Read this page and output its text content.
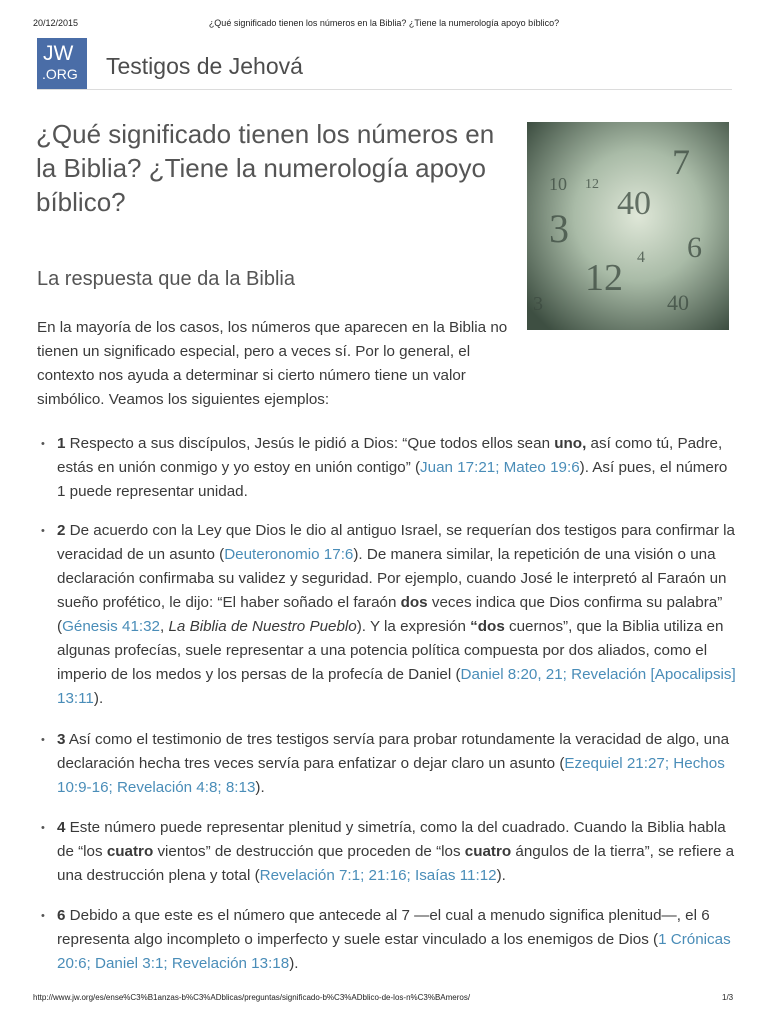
20/12/2015	¿Qué significado tienen los números en la Biblia? ¿Tiene la numerología apoyo bíblico?
JW
.ORG Testigos de Jehová
¿Qué significado tienen los números en la Biblia? ¿Tiene la numerología apoyo bíblico?
10 12
7
40
6
3
12
40
4
3
La respuesta que da la Biblia

En la mayoría de los casos, los números que aparecen en la Biblia no tienen un significado especial, pero a veces sí. Por lo general, el contexto nos ayuda a determinar si cierto número tiene un valor simbólico. Veamos los siguientes ejemplos:

• 1 Respecto a sus discípulos, Jesús le pidió a Dios: “Que todos ellos sean uno, así como tú, Padre, estás en unión conmigo y yo estoy en unión contigo” (Juan 17:21; Mateo 19:6). Así pues, el número 1 puede representar unidad.
• 2 De acuerdo con la Ley que Dios le dio al antiguo Israel, se requerían dos testigos para confirmar la veracidad de un asunto (Deuteronomio 17:6). De manera similar, la repetición de una visión o una declaración confirmaba su validez y seguridad. Por ejemplo, cuando José le interpretó al Faraón un sueño profético, le dijo: “El haber soñado el faraón dos veces indica que Dios confirma su palabra” (Génesis 41:32, La Biblia de Nuestro Pueblo). Y la expresión “dos cuernos”, que la Biblia utiliza en algunas profecías, suele representar a una potencia política compuesta por dos aliados, como el imperio de los medos y los persas de la profecía de Daniel (Daniel 8:20, 21; Revelación [Apocalipsis] 13:11).
• 3 Así como el testimonio de tres testigos servía para probar rotundamente la veracidad de algo, una declaración hecha tres veces servía para enfatizar o dejar claro un asunto (Ezequiel 21:27; Hechos 10:9-16; Revelación 4:8; 8:13).
• 4 Este número puede representar plenitud y simetría, como la del cuadrado. Cuando la Biblia habla de “los cuatro vientos” de destrucción que proceden de “los cuatro ángulos de la tierra”, se refiere a una destrucción plena y total (Revelación 7:1; 21:16; Isaías 11:12).
• 6 Debido a que este es el número que antecede al 7 —el cual a menudo significa plenitud—, el 6 representa algo incompleto o imperfecto y suele estar vinculado a los enemigos de Dios (1 Crónicas 20:6; Daniel 3:1; Revelación 13:18).
http://www.jw.org/es/ense%C3%B1anzas-b%C3%ADblicas/preguntas/significado-b%C3%ADblico-de-los-n%C3%BAmeros/	1/3
